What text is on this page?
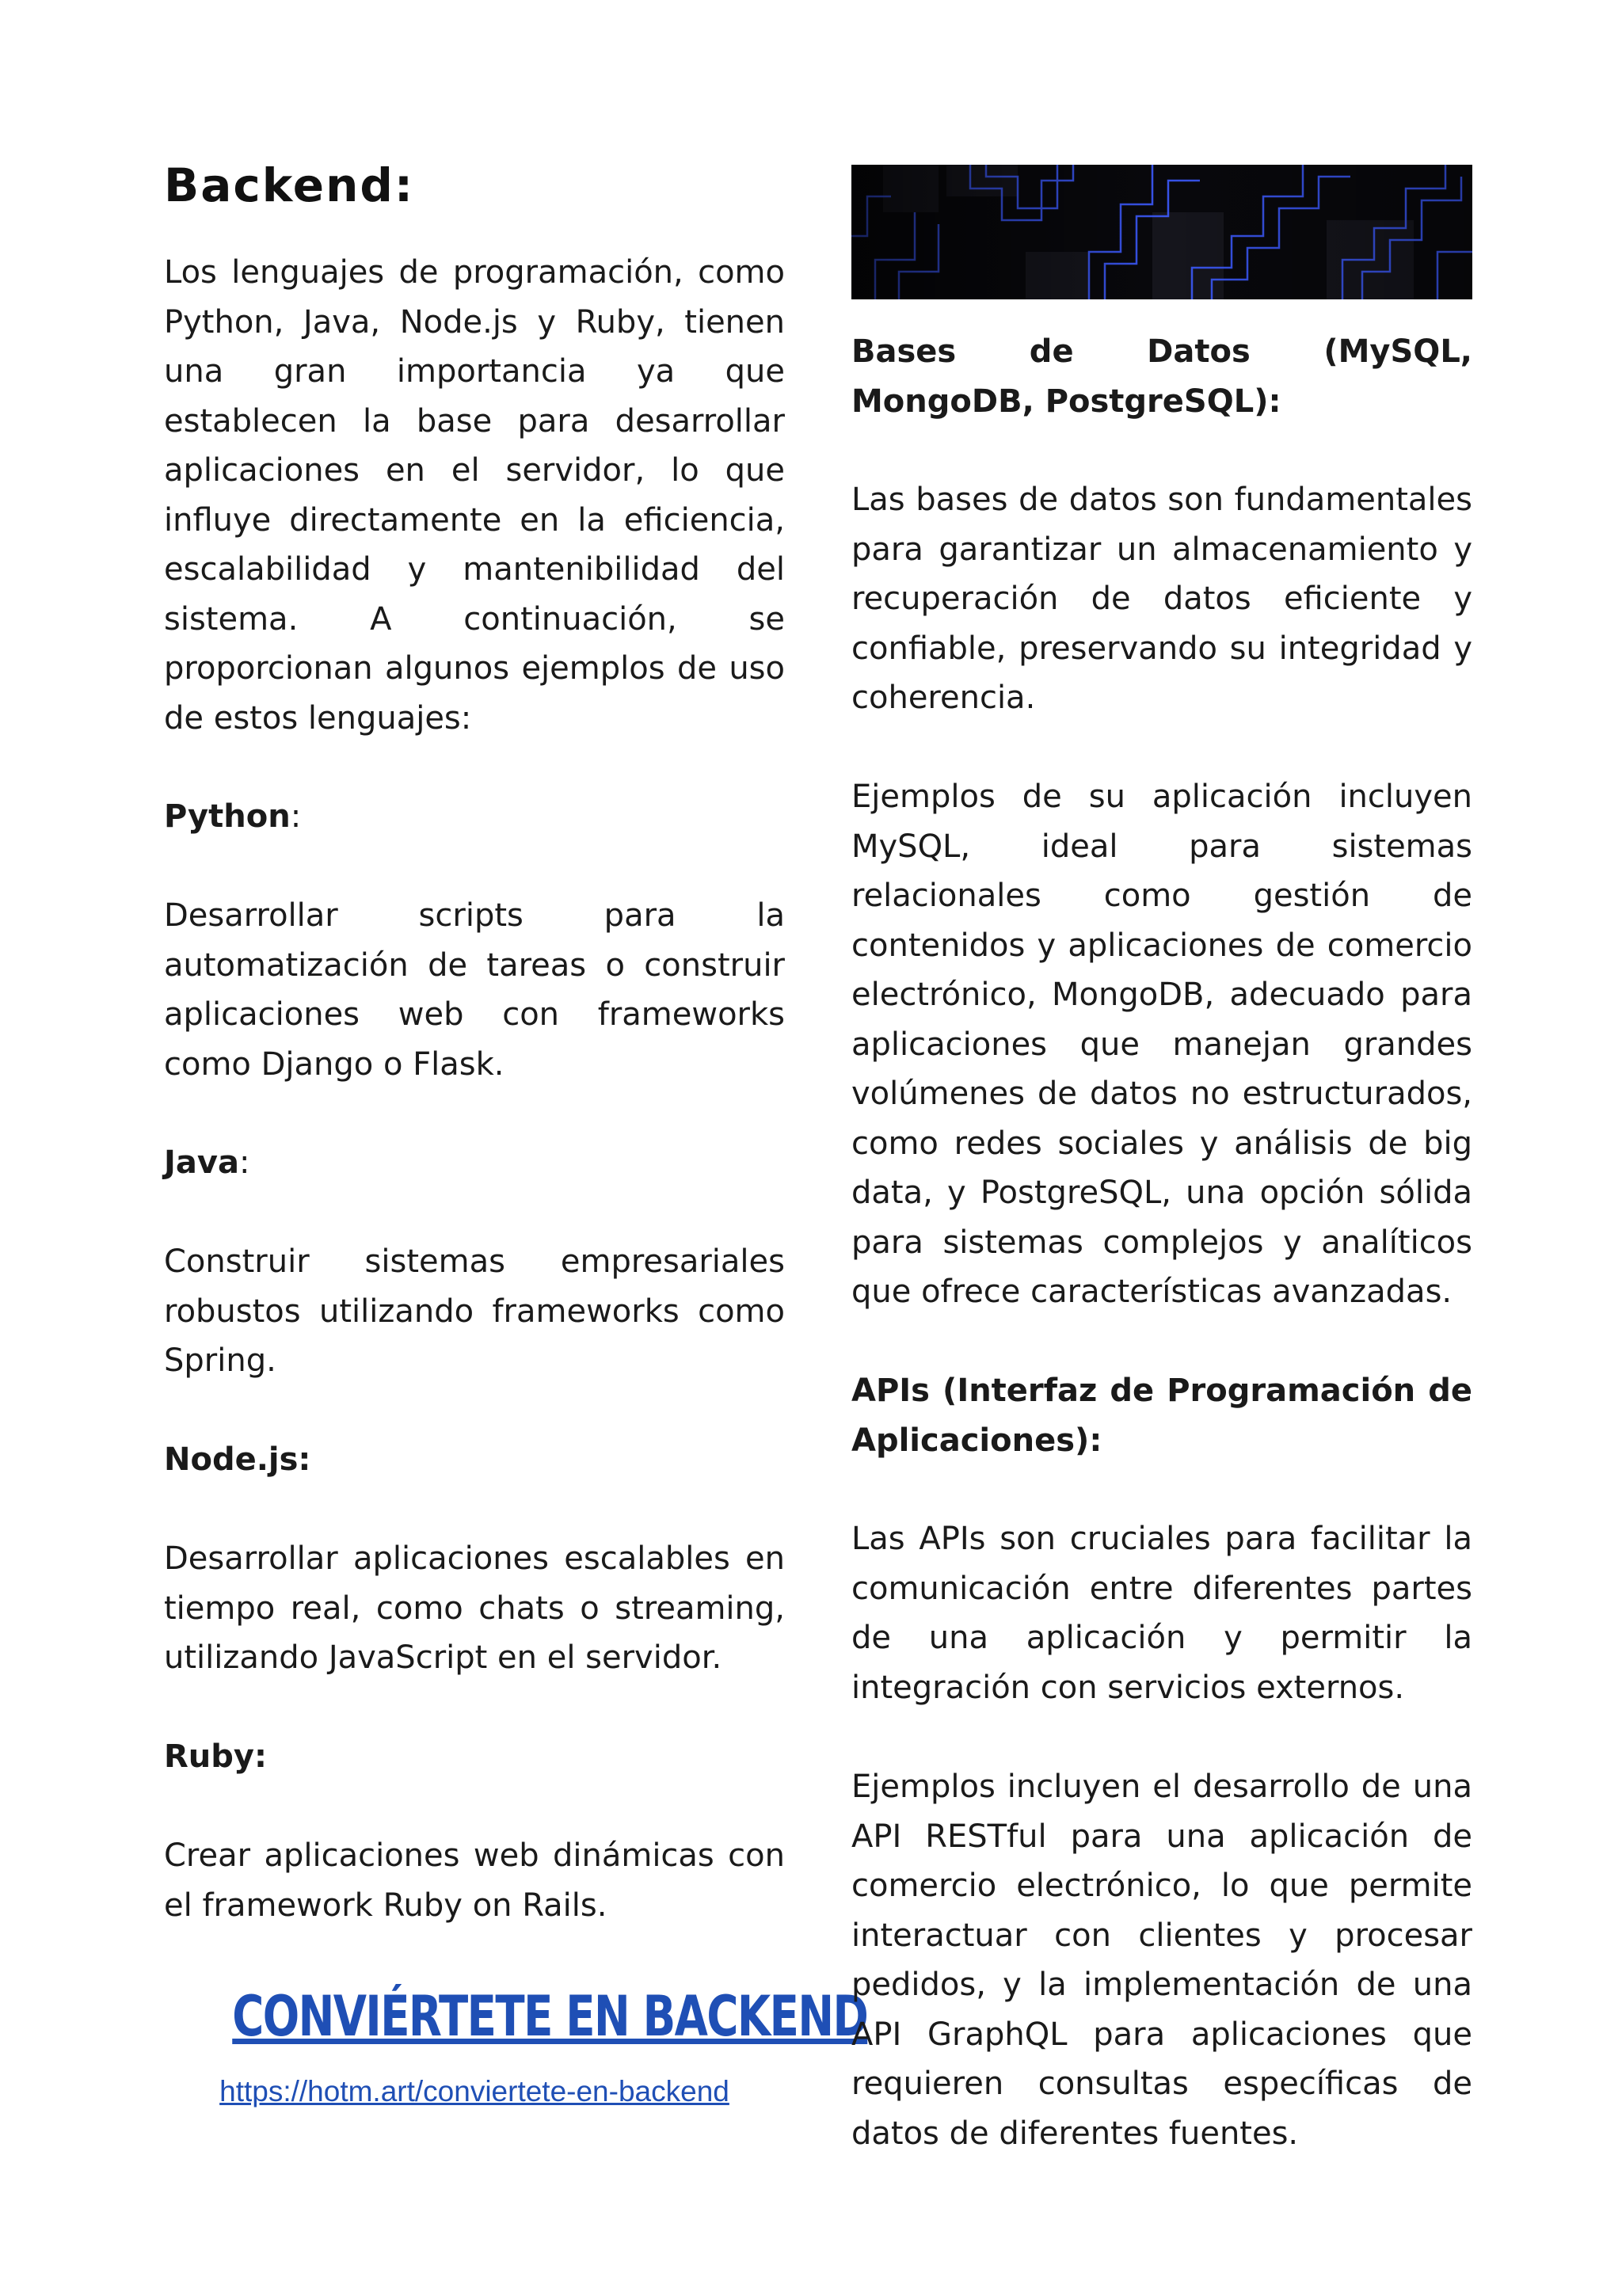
Backend:

Los lenguajes de programación, como Python, Java, Node.js y Ruby, tienen una gran importancia ya que establecen la base para desarrollar aplicaciones en el servidor, lo que influye directamente en la eficiencia, escalabilidad y mantenibilidad del sistema. A continuación, se proporcionan algunos ejemplos de uso de estos lenguajes:

Python:

Desarrollar scripts para la automatización de tareas o construir aplicaciones web con frameworks como Django o Flask.

Java:

Construir sistemas empresariales robustos utilizando frameworks como Spring.

Node.js:

Desarrollar aplicaciones escalables en tiempo real, como chats o streaming, utilizando JavaScript en el servidor.

Ruby:

Crear aplicaciones web dinámicas con el framework Ruby on Rails.

CONVIÉRTETE EN BACKEND
https://hotm.art/conviertete-en-backend

Bases de Datos (MySQL, MongoDB, PostgreSQL):

Las bases de datos son fundamentales para garantizar un almacenamiento y recuperación de datos eficiente y confiable, preservando su integridad y coherencia.

Ejemplos de su aplicación incluyen MySQL, ideal para sistemas relacionales como gestión de contenidos y aplicaciones de comercio electrónico, MongoDB, adecuado para aplicaciones que manejan grandes volúmenes de datos no estructurados, como redes sociales y análisis de big data, y PostgreSQL, una opción sólida para sistemas complejos y analíticos que ofrece características avanzadas.

APIs (Interfaz de Programación de Aplicaciones):

Las APIs son cruciales para facilitar la comunicación entre diferentes partes de una aplicación y permitir la integración con servicios externos.

Ejemplos incluyen el desarrollo de una API RESTful para una aplicación de comercio electrónico, lo que permite interactuar con clientes y procesar pedidos, y la implementación de una API GraphQL para aplicaciones que requieren consultas específicas de datos de diferentes fuentes.
